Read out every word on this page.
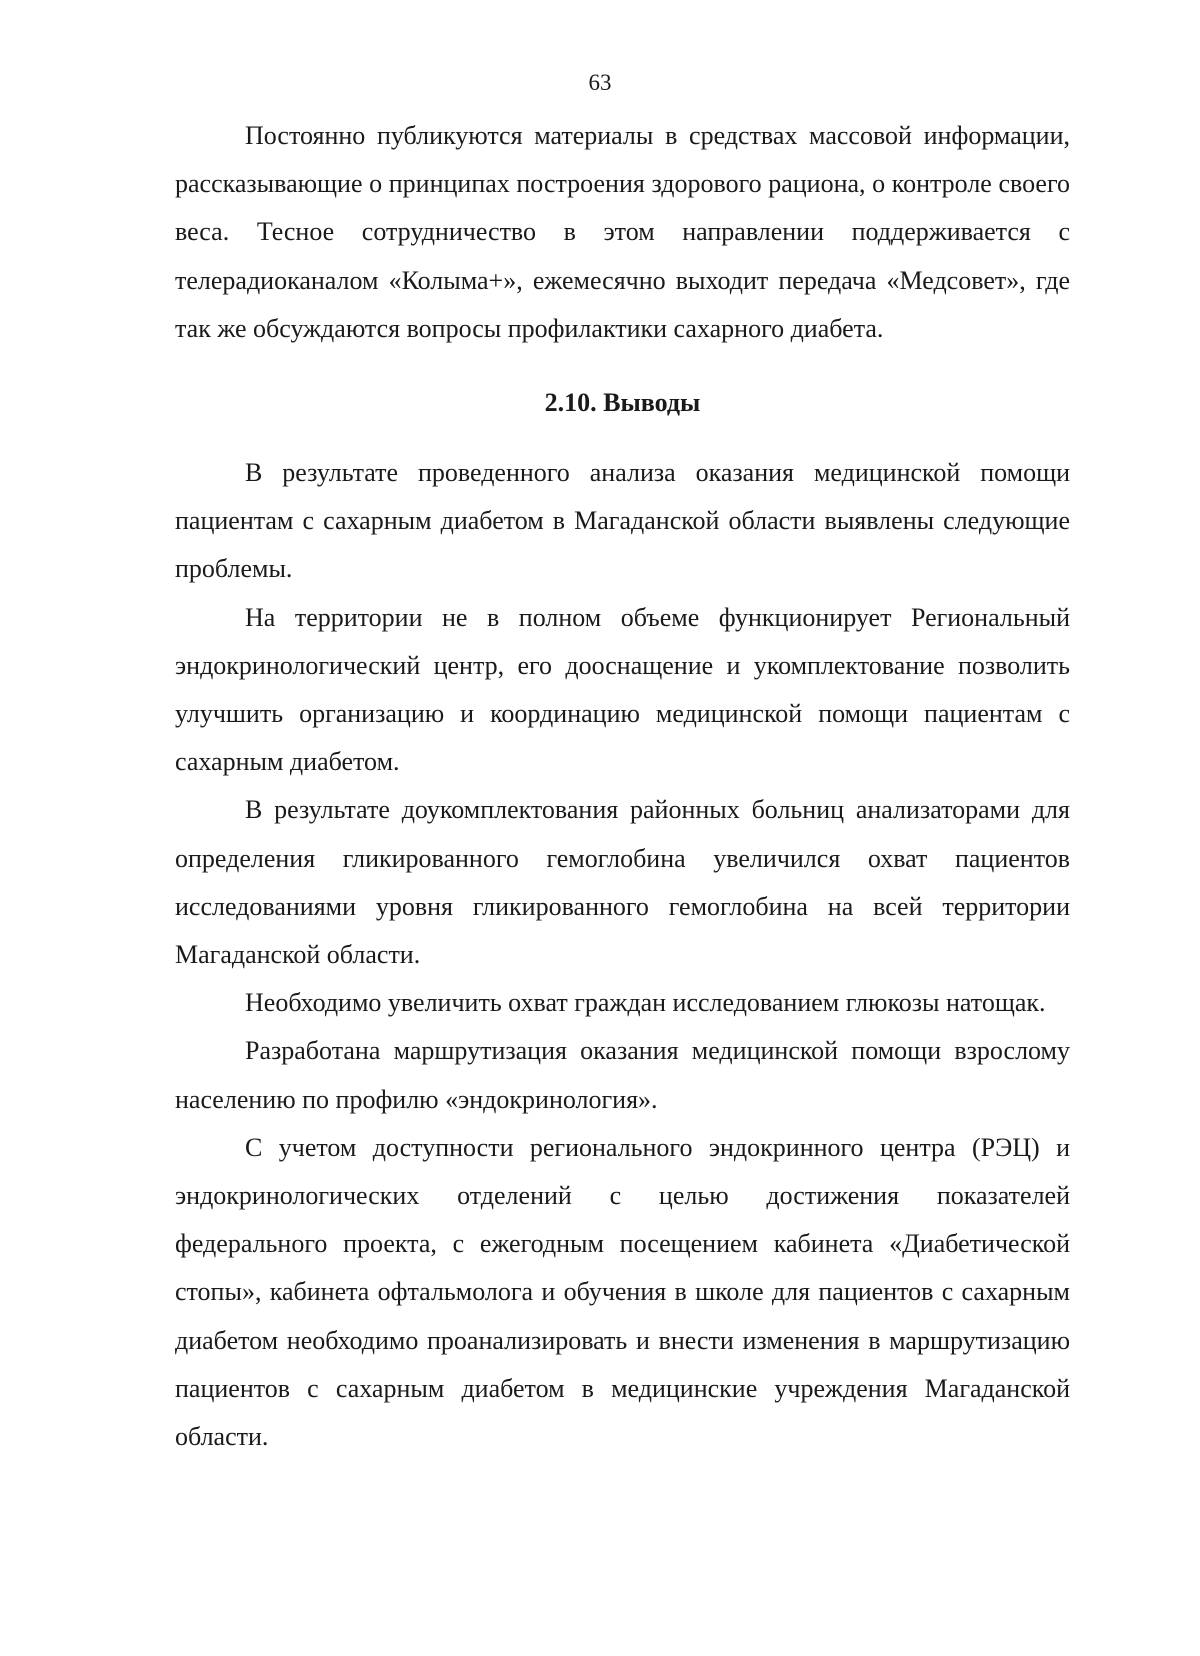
63

Постоянно публикуются материалы в средствах массовой информации, рассказывающие о принципах построения здорового рациона, о контроле своего веса. Тесное сотрудничество в этом направлении поддерживается с телерадиоканалом «Колыма+», ежемесячно выходит передача «Медсовет», где так же обсуждаются вопросы профилактики сахарного диабета.

2.10. Выводы

В результате проведенного анализа оказания медицинской помощи пациентам с сахарным диабетом в Магаданской области выявлены следующие проблемы.

На территории не в полном объеме функционирует Региональный эндокринологический центр, его дооснащение и укомплектование позволить улучшить организацию и координацию медицинской помощи пациентам с сахарным диабетом.

В результате доукомплектования районных больниц анализаторами для определения гликированного гемоглобина увеличился охват пациентов исследованиями уровня гликированного гемоглобина на всей территории Магаданской области.

Необходимо увеличить охват граждан исследованием глюкозы натощак.

Разработана маршрутизация оказания медицинской помощи взрослому населению по профилю «эндокринология».

С учетом доступности регионального эндокринного центра (РЭЦ) и эндокринологических отделений с целью достижения показателей федерального проекта, с ежегодным посещением кабинета «Диабетической стопы», кабинета офтальмолога и обучения в школе для пациентов с сахарным диабетом необходимо проанализировать и внести изменения в маршрутизацию пациентов с сахарным диабетом в медицинские учреждения Магаданской области.
